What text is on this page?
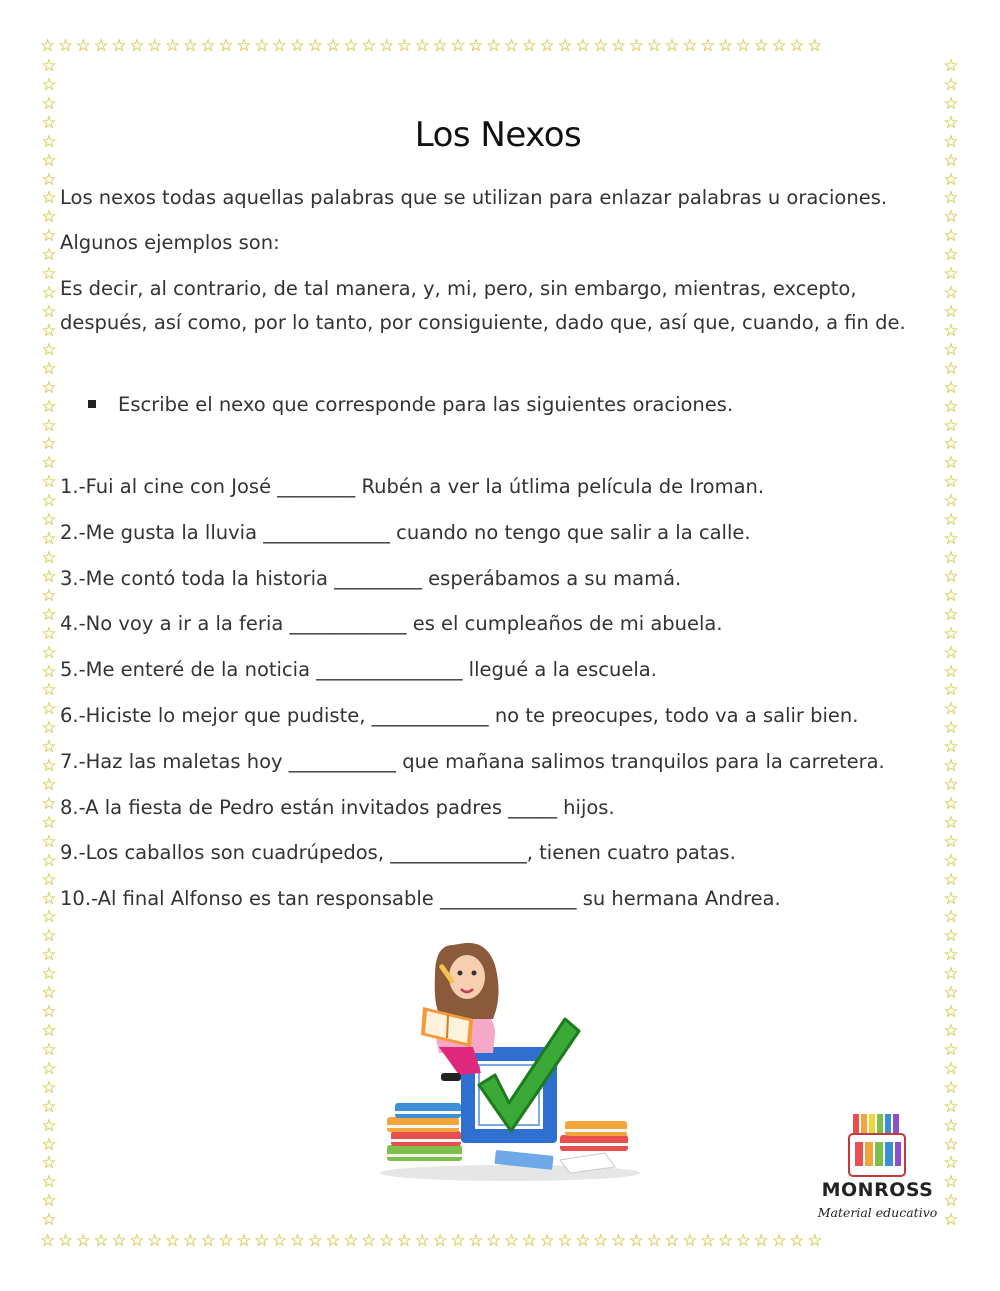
☆☆☆☆☆☆☆☆☆☆☆☆☆☆☆☆☆☆☆☆☆☆☆☆☆☆☆☆☆☆☆☆☆☆☆☆☆☆☆☆☆☆☆☆
☆☆☆☆☆☆☆☆☆☆☆☆☆☆☆☆☆☆☆☆☆☆☆☆☆☆☆☆☆☆☆☆☆☆☆☆☆☆☆☆☆☆☆☆
☆
☆
☆
☆
☆
☆
☆
☆
☆
☆
☆
☆
☆
☆
☆
☆
☆
☆
☆
☆
☆
☆
☆
☆
☆
☆
☆
☆
☆
☆
☆
☆
☆
☆
☆
☆
☆
☆
☆
☆
☆
☆
☆
☆
☆
☆
☆
☆
☆
☆
☆
☆
☆
☆
☆
☆
☆
☆
☆
☆
☆
☆
☆
☆
☆
☆
☆
☆
☆
☆
☆
☆
☆
☆
☆
☆
☆
☆
☆
☆
☆
☆
☆
☆
☆
☆
☆
☆
☆
☆
☆
☆
☆
☆
☆
☆
☆
☆
☆
☆
☆
☆
☆
☆
☆
☆
☆
☆
☆
☆
☆
☆
☆
☆
☆
☆
☆
☆
☆
☆
☆
☆
☆
☆
Los Nexos
Los nexos todas aquellas palabras que se utilizan para enlazar palabras u oraciones.
Algunos ejemplos son:
Es decir, al contrario, de tal manera, y, mi, pero, sin embargo, mientras, excepto, después, así como, por lo tanto, por consiguiente, dado que, así que, cuando, a fin de.
Escribe el nexo que corresponde para las siguientes oraciones.
1.-Fui al cine con José ________ Rubén a ver la útlima película de Iroman.
2.-Me gusta la lluvia _____________ cuando no tengo que salir a la calle.
3.-Me contó toda la historia _________ esperábamos a su mamá.
4.-No voy a ir a la feria ____________ es el cumpleaños de mi abuela.
5.-Me enteré de la noticia _______________ llegué a la escuela.
6.-Hiciste lo mejor que pudiste, ____________ no te preocupes, todo va a salir bien.
7.-Haz las maletas hoy ___________ que mañana salimos tranquilos para la carretera.
8.-A la fiesta de Pedro están invitados padres _____ hijos.
9.-Los caballos son cuadrúpedos, ______________, tienen cuatro patas.
10.-Al final Alfonso es tan responsable ______________ su hermana Andrea.
MONROSS
Material educativo
